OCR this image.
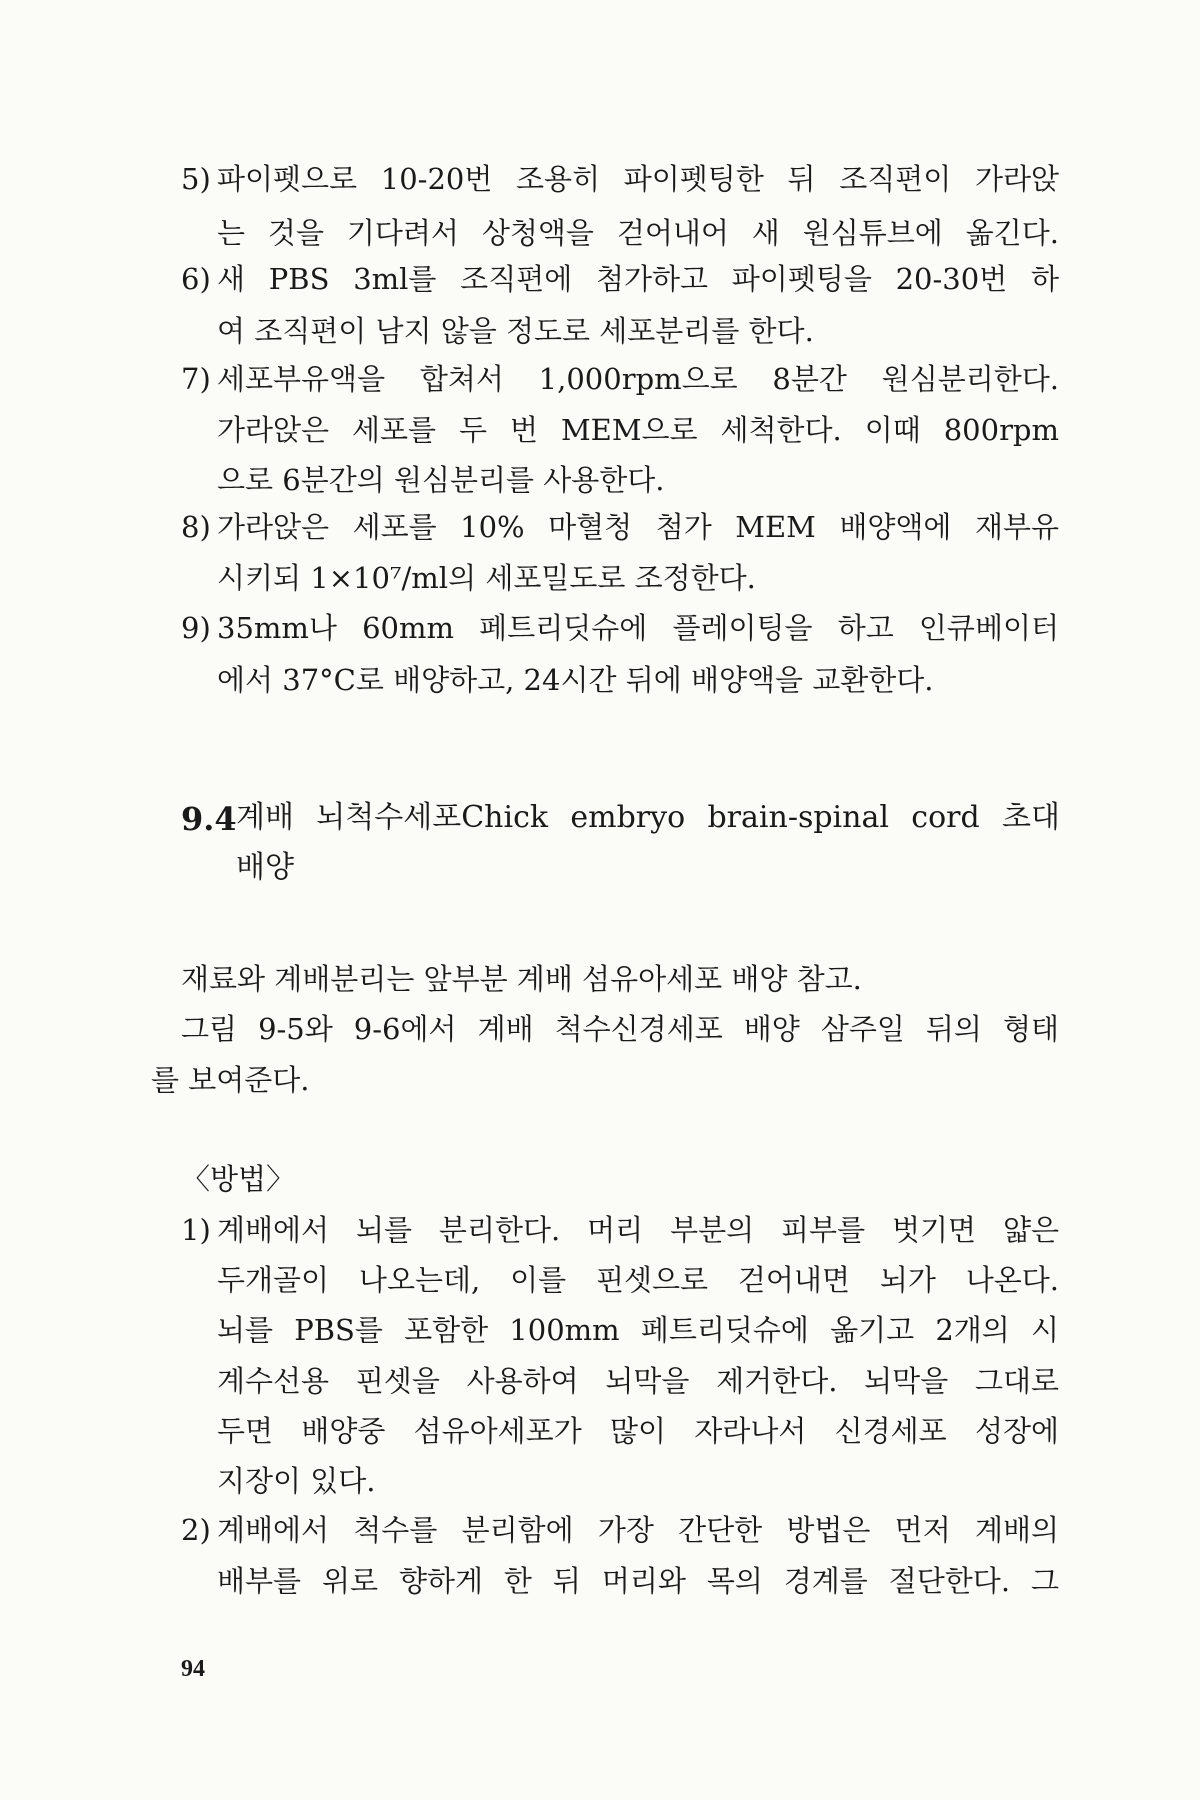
5) 파이펫으로 10-20번 조용히 파이펫팅한 뒤 조직편이 가라앉
는 것을 기다려서 상청액을 걷어내어 새 원심튜브에 옮긴다.
6) 새 PBS 3ml를 조직편에 첨가하고 파이펫팅을 20-30번 하
여 조직편이 남지 않을 정도로 세포분리를 한다.
7) 세포부유액을 합쳐서 1,000rpm으로 8분간 원심분리한다.
가라앉은 세포를 두 번 MEM으로 세척한다. 이때 800rpm
으로 6분간의 원심분리를 사용한다.
8) 가라앉은 세포를 10% 마혈청 첨가 MEM 배양액에 재부유
시키되 1×10⁷/ml의 세포밀도로 조정한다.
9) 35mm나 60mm 페트리딧슈에 플레이팅을 하고 인큐베이터
에서 37°C로 배양하고, 24시간 뒤에 배양액을 교환한다.
9.4 계배 뇌척수세포Chick embryo brain-spinal cord 초대
배양
재료와 계배분리는 앞부분 계배 섬유아세포 배양 참고.
그림 9-5와 9-6에서 계배 척수신경세포 배양 삼주일 뒤의 형태
를 보여준다.
〈방법〉
1) 계배에서 뇌를 분리한다. 머리 부분의 피부를 벗기면 얇은
두개골이 나오는데, 이를 핀셋으로 걷어내면 뇌가 나온다.
뇌를 PBS를 포함한 100mm 페트리딧슈에 옮기고 2개의 시
계수선용 핀셋을 사용하여 뇌막을 제거한다. 뇌막을 그대로
두면 배양중 섬유아세포가 많이 자라나서 신경세포 성장에
지장이 있다.
2) 계배에서 척수를 분리함에 가장 간단한 방법은 먼저 계배의
배부를 위로 향하게 한 뒤 머리와 목의 경계를 절단한다. 그
94
